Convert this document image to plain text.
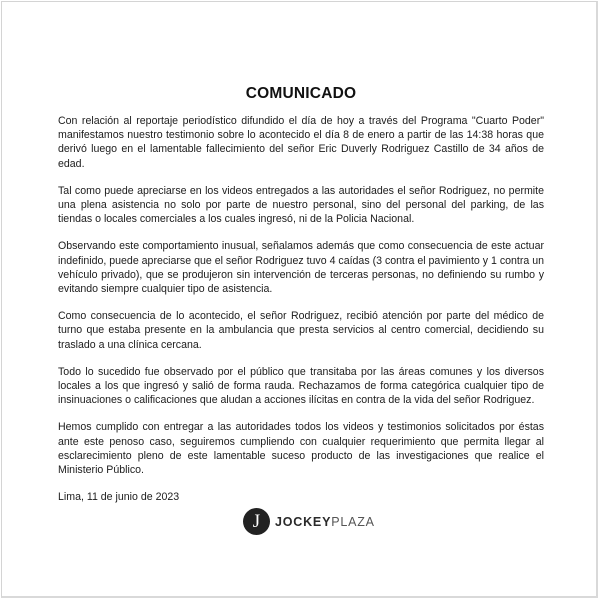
COMUNICADO

Con relación al reportaje periodístico difundido el día de hoy a través del Programa "Cuarto Poder" manifestamos nuestro testimonio sobre lo acontecido el día 8 de enero a partir de las 14:38 horas que derivó luego en el lamentable fallecimiento del señor Eric Duverly Rodriguez Castillo de 34 años de edad.

Tal como puede apreciarse en los videos entregados a las autoridades el señor Rodriguez, no permite una plena asistencia no solo por parte de nuestro personal, sino del personal del parking, de las tiendas o locales comerciales a los cuales ingresó, ni de la Policia Nacional.

Observando este comportamiento inusual, señalamos además que como consecuencia de este actuar indefinido, puede apreciarse que el señor Rodriguez tuvo 4 caídas (3 contra el pavimiento y 1 contra un vehículo privado), que se produjeron sin intervención de terceras personas, no definiendo su rumbo y evitando siempre cualquier tipo de asistencia.

Como consecuencia de lo acontecido, el señor Rodriguez, recibió atención por parte del médico de turno que estaba presente en la ambulancia que presta servicios al centro comercial, decidiendo su traslado a una clínica cercana.

Todo lo sucedido fue observado por el público que transitaba por las áreas comunes y los diversos locales a los que ingresó y salió de forma rauda. Rechazamos de forma categórica cualquier tipo de insinuaciones o calificaciones que aludan a acciones ilícitas en contra de la vida del señor Rodriguez.

Hemos cumplido con entregar a las autoridades todos los videos y testimonios solicitados por éstas ante este penoso caso, seguiremos cumpliendo con cualquier requerimiento que permita llegar al esclarecimiento pleno de este lamentable suceso producto de las investigaciones que realice el Ministerio Público.

Lima, 11 de junio de 2023

J JOCKEYPLAZA
